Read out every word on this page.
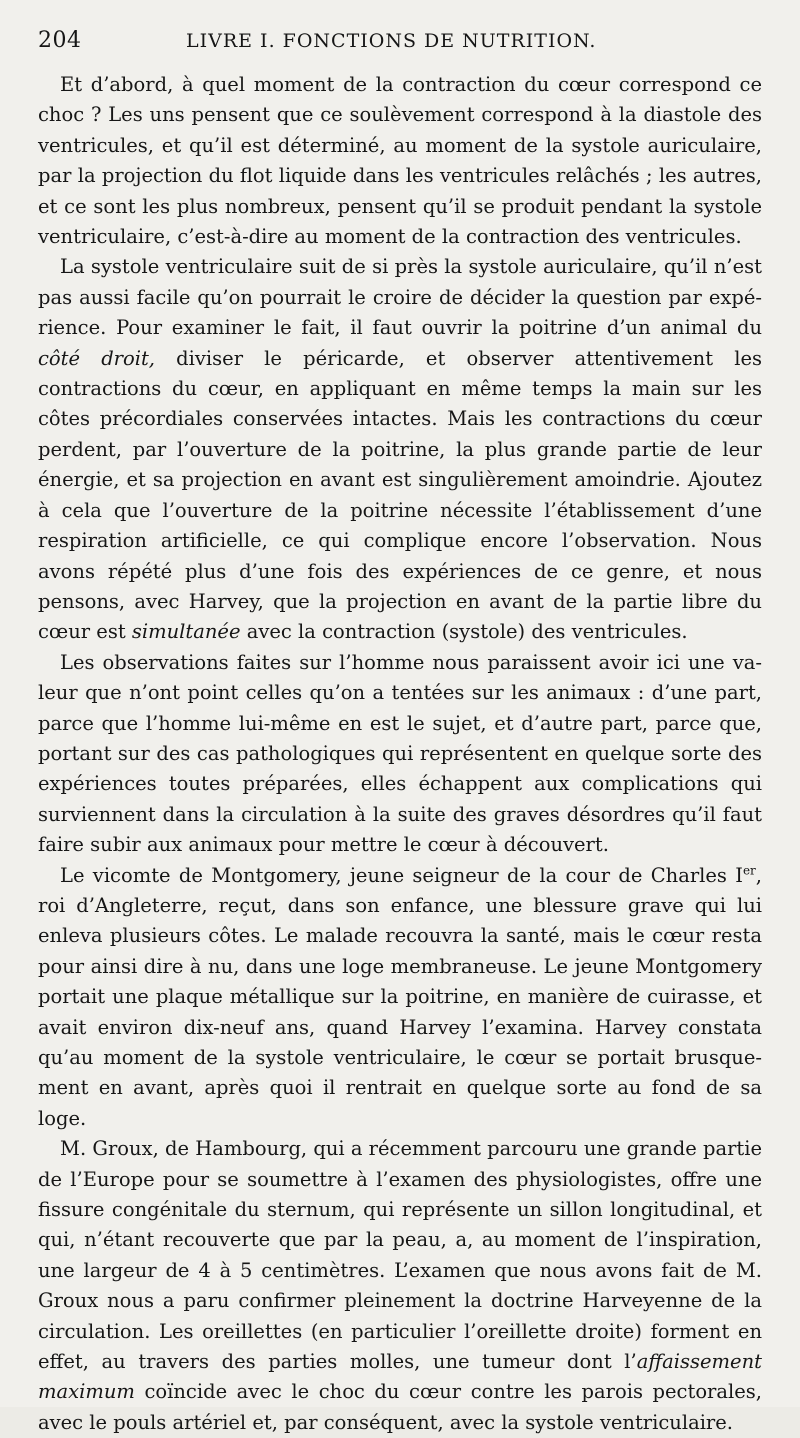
204	LIVRE I. FONCTIONS DE NUTRITION.

Et d’abord, à quel moment de la contraction du cœur correspond ce choc ? Les uns pensent que ce soulèvement correspond à la diastole des ventricules, et qu’il est déterminé, au moment de la systole auriculaire, par la projection du flot liquide dans les ventricules relâchés ; les autres, et ce sont les plus nombreux, pensent qu’il se produit pendant la systole ventriculaire, c’est-à-dire au moment de la contraction des ventricules.

La systole ventriculaire suit de si près la systole auriculaire, qu’il n’est pas aussi facile qu’on pourrait le croire de décider la question par expérience. Pour examiner le fait, il faut ouvrir la poitrine d’un animal du côté droit, diviser le péricarde, et observer attentivement les contractions du cœur, en appliquant en même temps la main sur les côtes précordiales conservées intactes. Mais les contractions du cœur perdent, par l’ouverture de la poitrine, la plus grande partie de leur énergie, et sa projection en avant est singulièrement amoindrie. Ajoutez à cela que l’ouverture de la poitrine nécessite l’établissement d’une respiration artificielle, ce qui complique encore l’observation. Nous avons répété plus d’une fois des expériences de ce genre, et nous pensons, avec Harvey, que la projection en avant de la partie libre du cœur est simultanée avec la contraction (systole) des ventricules.

Les observations faites sur l’homme nous paraissent avoir ici une valeur que n’ont point celles qu’on a tentées sur les animaux : d’une part, parce que l’homme lui-même en est le sujet, et d’autre part, parce que, portant sur des cas pathologiques qui représentent en quelque sorte des expériences toutes préparées, elles échappent aux complications qui surviennent dans la circulation à la suite des graves désordres qu’il faut faire subir aux animaux pour mettre le cœur à découvert.

Le vicomte de Montgomery, jeune seigneur de la cour de Charles Ier, roi d’Angleterre, reçut, dans son enfance, une blessure grave qui lui enleva plusieurs côtes. Le malade recouvra la santé, mais le cœur resta pour ainsi dire à nu, dans une loge membraneuse. Le jeune Montgomery portait une plaque métallique sur la poitrine, en manière de cuirasse, et avait environ dix-neuf ans, quand Harvey l’examina. Harvey constata qu’au moment de la systole ventriculaire, le cœur se portait brusquement en avant, après quoi il rentrait en quelque sorte au fond de sa loge.

M. Groux, de Hambourg, qui a récemment parcouru une grande partie de l’Europe pour se soumettre à l’examen des physiologistes, offre une fissure congénitale du sternum, qui représente un sillon longitudinal, et qui, n’étant recouverte que par la peau, a, au moment de l’inspiration, une largeur de 4 à 5 centimètres. L’examen que nous avons fait de M. Groux nous a paru confirmer pleinement la doctrine Harveyenne de la circulation. Les oreillettes (en particulier l’oreillette droite) forment en effet, au travers des parties molles, une tumeur dont l’affaissement maximum coïncide avec le choc du cœur contre les parois pectorales, avec le pouls artériel et, par conséquent, avec la systole ventriculaire.
